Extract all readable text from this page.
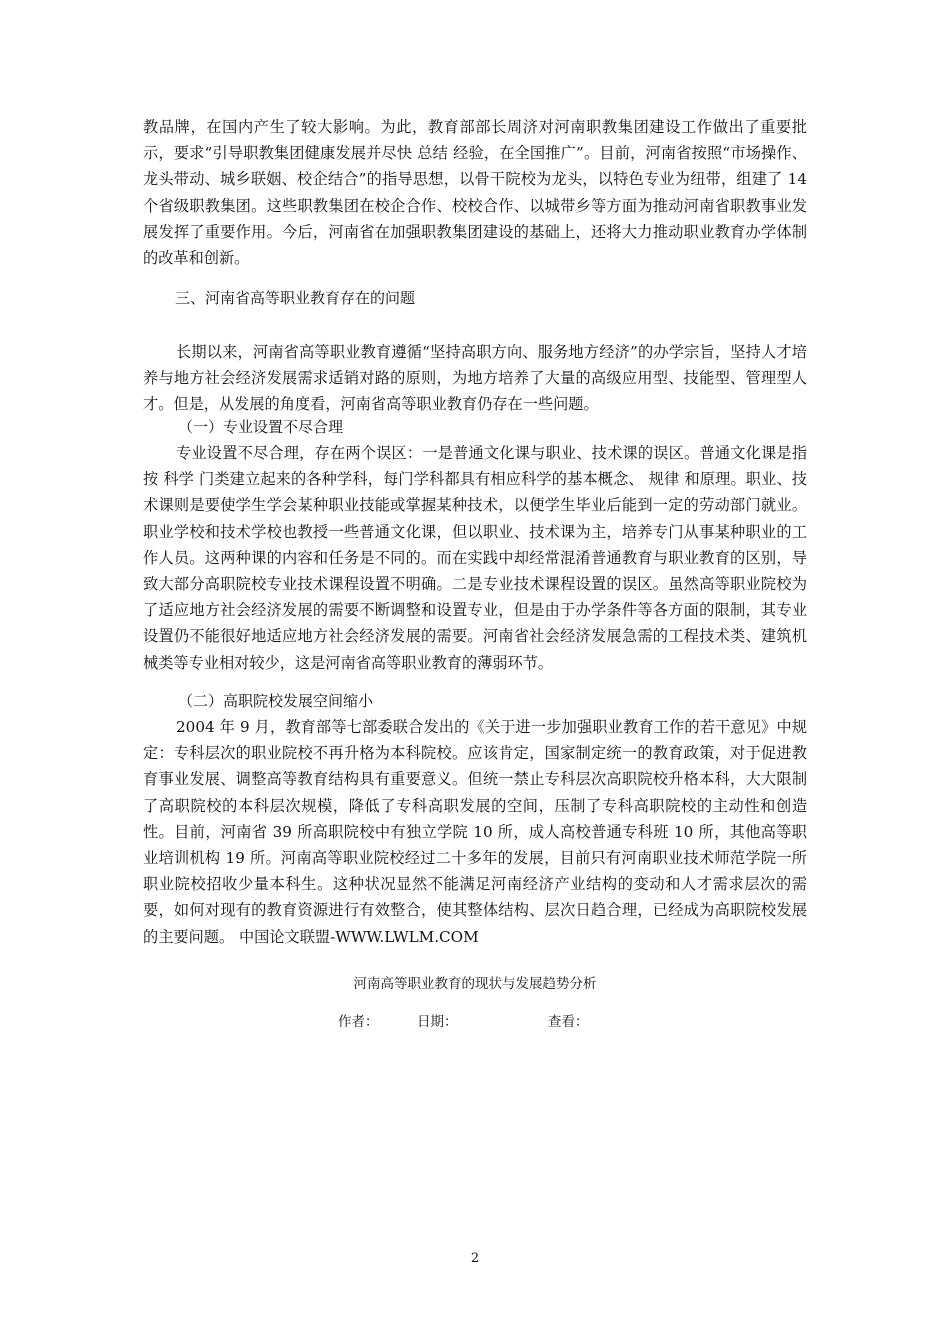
教品牌，在国内产生了较大影响。为此，教育部部长周济对河南职教集团建设工作做出了重要批示，要求“引导职教集团健康发展并尽快 总结 经验，在全国推广”。目前，河南省按照“市场操作、龙头带动、城乡联姻、校企结合”的指导思想，以骨干院校为龙头，以特色专业为纽带，组建了 14 个省级职教集团。这些职教集团在校企合作、校校合作、以城带乡等方面为推动河南省职教事业发展发挥了重要作用。今后，河南省在加强职教集团建设的基础上，还将大力推动职业教育办学体制的改革和创新。

三、河南省高等职业教育存在的问题

长期以来，河南省高等职业教育遵循“坚持高职方向、服务地方经济”的办学宗旨，坚持人才培养与地方社会经济发展需求适销对路的原则，为地方培养了大量的高级应用型、技能型、管理型人才。但是，从发展的角度看，河南省高等职业教育仍存在一些问题。

（一）专业设置不尽合理

专业设置不尽合理，存在两个误区：一是普通文化课与职业、技术课的误区。普通文化课是指按 科学 门类建立起来的各种学科，每门学科都具有相应科学的基本概念、 规律 和原理。职业、技术课则是要使学生学会某种职业技能或掌握某种技术，以便学生毕业后能到一定的劳动部门就业。职业学校和技术学校也教授一些普通文化课，但以职业、技术课为主，培养专门从事某种职业的工作人员。这两种课的内容和任务是不同的。而在实践中却经常混淆普通教育与职业教育的区别，导致大部分高职院校专业技术课程设置不明确。二是专业技术课程设置的误区。虽然高等职业院校为了适应地方社会经济发展的需要不断调整和设置专业，但是由于办学条件等各方面的限制，其专业设置仍不能很好地适应地方社会经济发展的需要。河南省社会经济发展急需的工程技术类、建筑机械类等专业相对较少，这是河南省高等职业教育的薄弱环节。

（二）高职院校发展空间缩小

2004 年 9 月，教育部等七部委联合发出的《关于进一步加强职业教育工作的若干意见》中规定：专科层次的职业院校不再升格为本科院校。应该肯定，国家制定统一的教育政策，对于促进教育事业发展、调整高等教育结构具有重要意义。但统一禁止专科层次高职院校升格本科，大大限制了高职院校的本科层次规模，降低了专科高职发展的空间，压制了专科高职院校的主动性和创造性。目前，河南省 39 所高职院校中有独立学院 10 所，成人高校普通专科班 10 所，其他高等职业培训机构 19 所。河南高等职业院校经过二十多年的发展，目前只有河南职业技术师范学院一所职业院校招收少量本科生。这种状况显然不能满足河南经济产业结构的变动和人才需求层次的需要，如何对现有的教育资源进行有效整合，使其整体结构、层次日趋合理，已经成为高职院校发展的主要问题。 中国论文联盟-WWW.LWLM.COM

河南高等职业教育的现状与发展趋势分析

作者：	日期：	查看：

2
